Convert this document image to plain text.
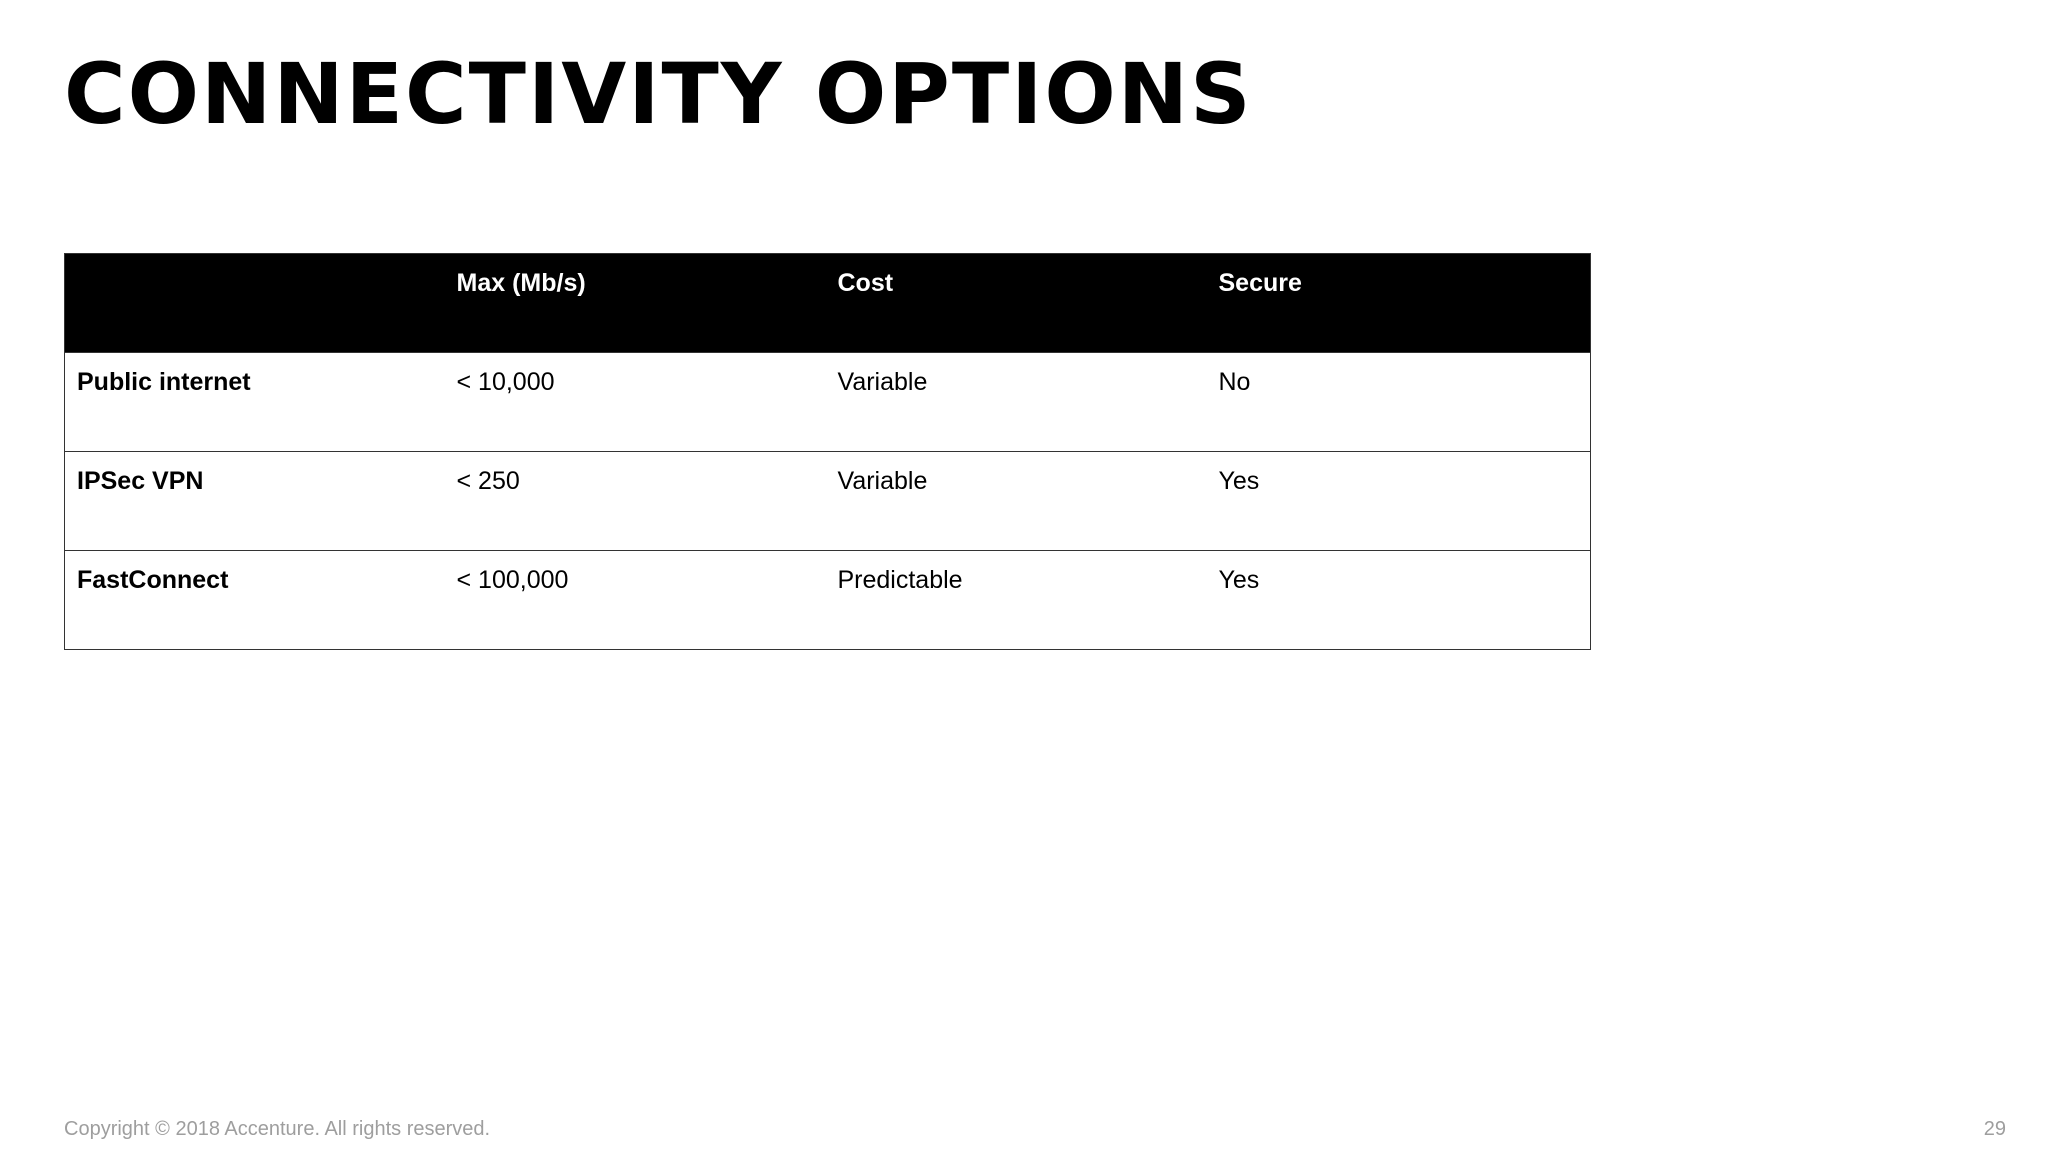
CONNECTIVITY OPTIONS
	Max (Mb/s)	Cost	Secure
Public internet	< 10,000	Variable	No
IPSec VPN	< 250	Variable	Yes
FastConnect	< 100,000	Predictable	Yes
Copyright © 2018 Accenture. All rights reserved.	29
